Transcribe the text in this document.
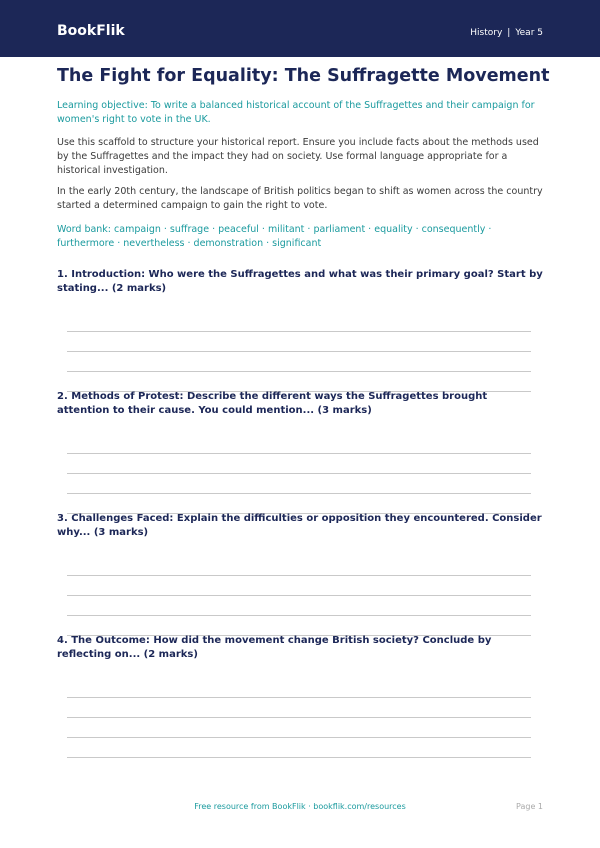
BookFlik	History | Year 5
The Fight for Equality: The Suffragette Movement
Learning objective: To write a balanced historical account of the Suffragettes and their campaign for women's right to vote in the UK.
Use this scaffold to structure your historical report. Ensure you include facts about the methods used by the Suffragettes and the impact they had on society. Use formal language appropriate for a historical investigation.
In the early 20th century, the landscape of British politics began to shift as women across the country started a determined campaign to gain the right to vote.
Word bank: campaign · suffrage · peaceful · militant · parliament · equality · consequently · furthermore · nevertheless · demonstration · significant
1. Introduction: Who were the Suffragettes and what was their primary goal? Start by stating... (2 marks)
2. Methods of Protest: Describe the different ways the Suffragettes brought attention to their cause. You could mention... (3 marks)
3. Challenges Faced: Explain the difficulties or opposition they encountered. Consider why... (3 marks)
4. The Outcome: How did the movement change British society? Conclude by reflecting on... (2 marks)
Free resource from BookFlik · bookflik.com/resources	Page 1
